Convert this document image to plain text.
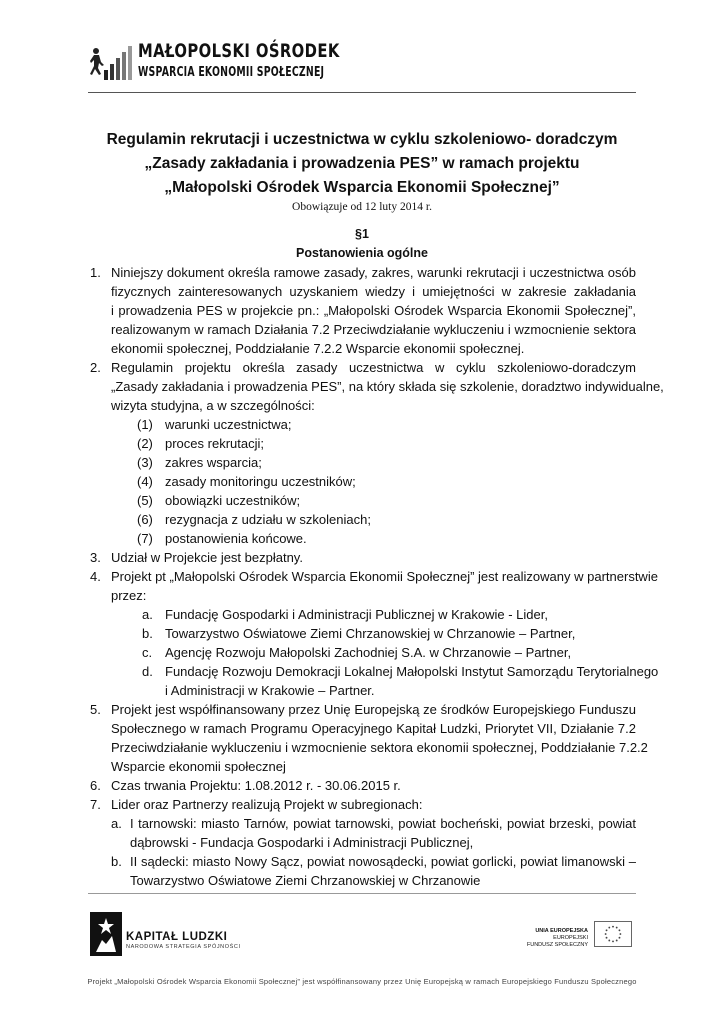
MAŁOPOLSKI OŚRODEK
WSPARCIA EKONOMII SPOŁECZNEJ
Regulamin rekrutacji i uczestnictwa w cyklu szkoleniowo- doradczym
„Zasady zakładania i prowadzenia PES” w ramach projektu
„Małopolski Ośrodek Wsparcia Ekonomii Społecznej”
Obowiązuje od 12 luty 2014 r.
§1
Postanowienia ogólne
1. Niniejszy dokument określa ramowe zasady, zakres, warunki rekrutacji i uczestnictwa osób
fizycznych zainteresowanych uzyskaniem wiedzy i umiejętności w zakresie zakładania
i prowadzenia PES w projekcie pn.: „Małopolski Ośrodek Wsparcia Ekonomii Społecznej”,
realizowanym w ramach Działania 7.2 Przeciwdziałanie wykluczeniu i wzmocnienie sektora
ekonomii społecznej, Poddziałanie 7.2.2 Wsparcie ekonomii społecznej.
2. Regulamin projektu określa zasady uczestnictwa w cyklu szkoleniowo-doradczym
„Zasady zakładania i prowadzenia PES”, na który składa się szkolenie, doradztwo indywidualne,
wizyta studyjna, a w szczególności:
(1) warunki uczestnictwa;
(2) proces rekrutacji;
(3) zakres wsparcia;
(4) zasady monitoringu uczestników;
(5) obowiązki uczestników;
(6) rezygnacja z udziału w szkoleniach;
(7) postanowienia końcowe.
3. Udział w Projekcie jest bezpłatny.
4. Projekt pt „Małopolski Ośrodek Wsparcia Ekonomii Społecznej” jest realizowany w partnerstwie
przez:
a. Fundację Gospodarki i Administracji Publicznej w Krakowie - Lider,
b. Towarzystwo Oświatowe Ziemi Chrzanowskiej w Chrzanowie – Partner,
c. Agencję Rozwoju Małopolski Zachodniej S.A. w Chrzanowie – Partner,
d. Fundację Rozwoju Demokracji Lokalnej Małopolski Instytut Samorządu Terytorialnego
i Administracji w Krakowie – Partner.
5. Projekt jest współfinansowany przez Unię Europejską ze środków Europejskiego Funduszu
Społecznego w ramach Programu Operacyjnego Kapitał Ludzki, Priorytet VII, Działanie 7.2
Przeciwdziałanie wykluczeniu i wzmocnienie sektora ekonomii społecznej, Poddziałanie 7.2.2
Wsparcie ekonomii społecznej
6. Czas trwania Projektu: 1.08.2012 r. - 30.06.2015 r.
7. Lider oraz Partnerzy realizują Projekt w subregionach:
a. I tarnowski: miasto Tarnów, powiat tarnowski, powiat bocheński, powiat brzeski, powiat
dąbrowski - Fundacja Gospodarki i Administracji Publicznej,
b. II sądecki: miasto Nowy Sącz, powiat nowosądecki, powiat gorlicki, powiat limanowski –
Towarzystwo Oświatowe Ziemi Chrzanowskiej w Chrzanowie
KAPITAŁ LUDZKI
NARODOWA STRATEGIA SPÓJNOŚCI
UNIA EUROPEJSKA
EUROPEJSKI
FUNDUSZ SPOŁECZNY
Projekt „Małopolski Ośrodek Wsparcia Ekonomii Społecznej” jest współfinansowany przez Unię Europejską w ramach Europejskiego Funduszu Społecznego
